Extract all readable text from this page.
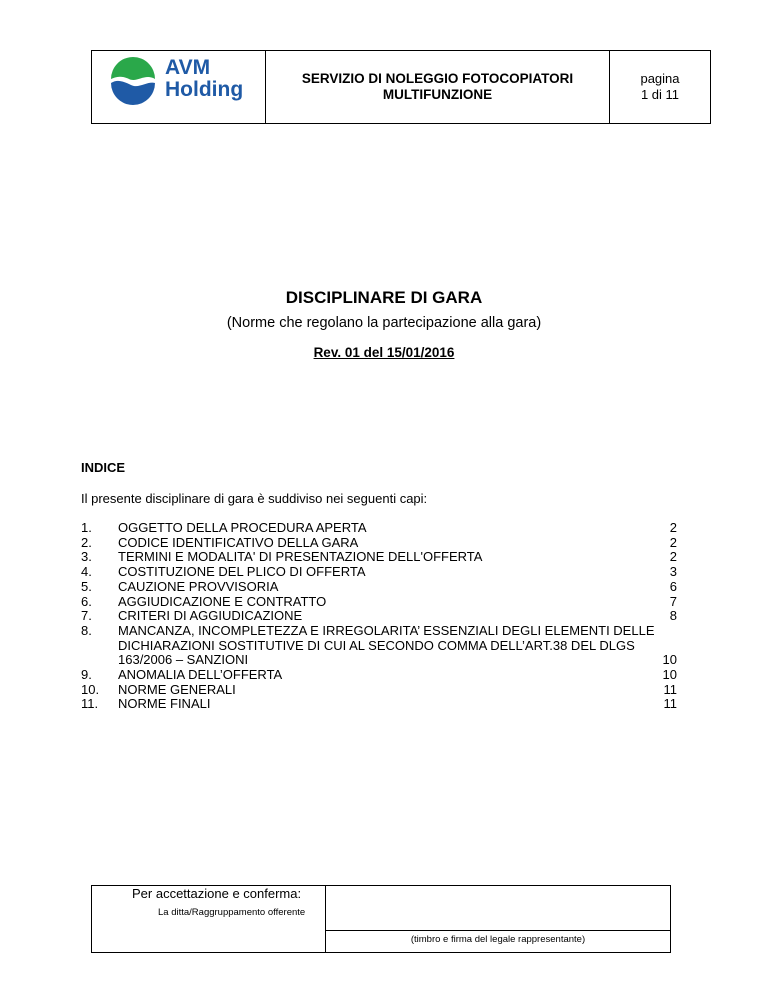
AVM
Holding	SERVIZIO DI NOLEGGIO FOTOCOPIATORI
MULTIFUNZIONE
pagina
1 di 11
DISCIPLINARE DI GARA
(Norme che regolano la partecipazione alla gara)
Rev. 01 del 15/01/2016
INDICE
Il presente disciplinare di gara è suddiviso nei seguenti capi:
1. OGGETTO DELLA PROCEDURA APERTA	2
2. CODICE IDENTIFICATIVO DELLA GARA	2
3. TERMINI E MODALITA' DI PRESENTAZIONE DELL'OFFERTA	2
4. COSTITUZIONE DEL PLICO DI OFFERTA	3
5. CAUZIONE PROVVISORIA	6
6. AGGIUDICAZIONE E CONTRATTO	7
7. CRITERI DI AGGIUDICAZIONE	8
8. MANCANZA, INCOMPLETEZZA E IRREGOLARITA’ ESSENZIALI DEGLI ELEMENTI DELLE DICHIARAZIONI SOSTITUTIVE DI CUI AL SECONDO COMMA DELL’ART.38 DEL DLGS 163/2006 – SANZIONI	10
9. ANOMALIA DELL’OFFERTA	10
10. NORME GENERALI	11
11. NORME FINALI	11
Per accettazione e conferma:
La ditta/Raggruppamento offerente
(timbro e firma del legale rappresentante)
